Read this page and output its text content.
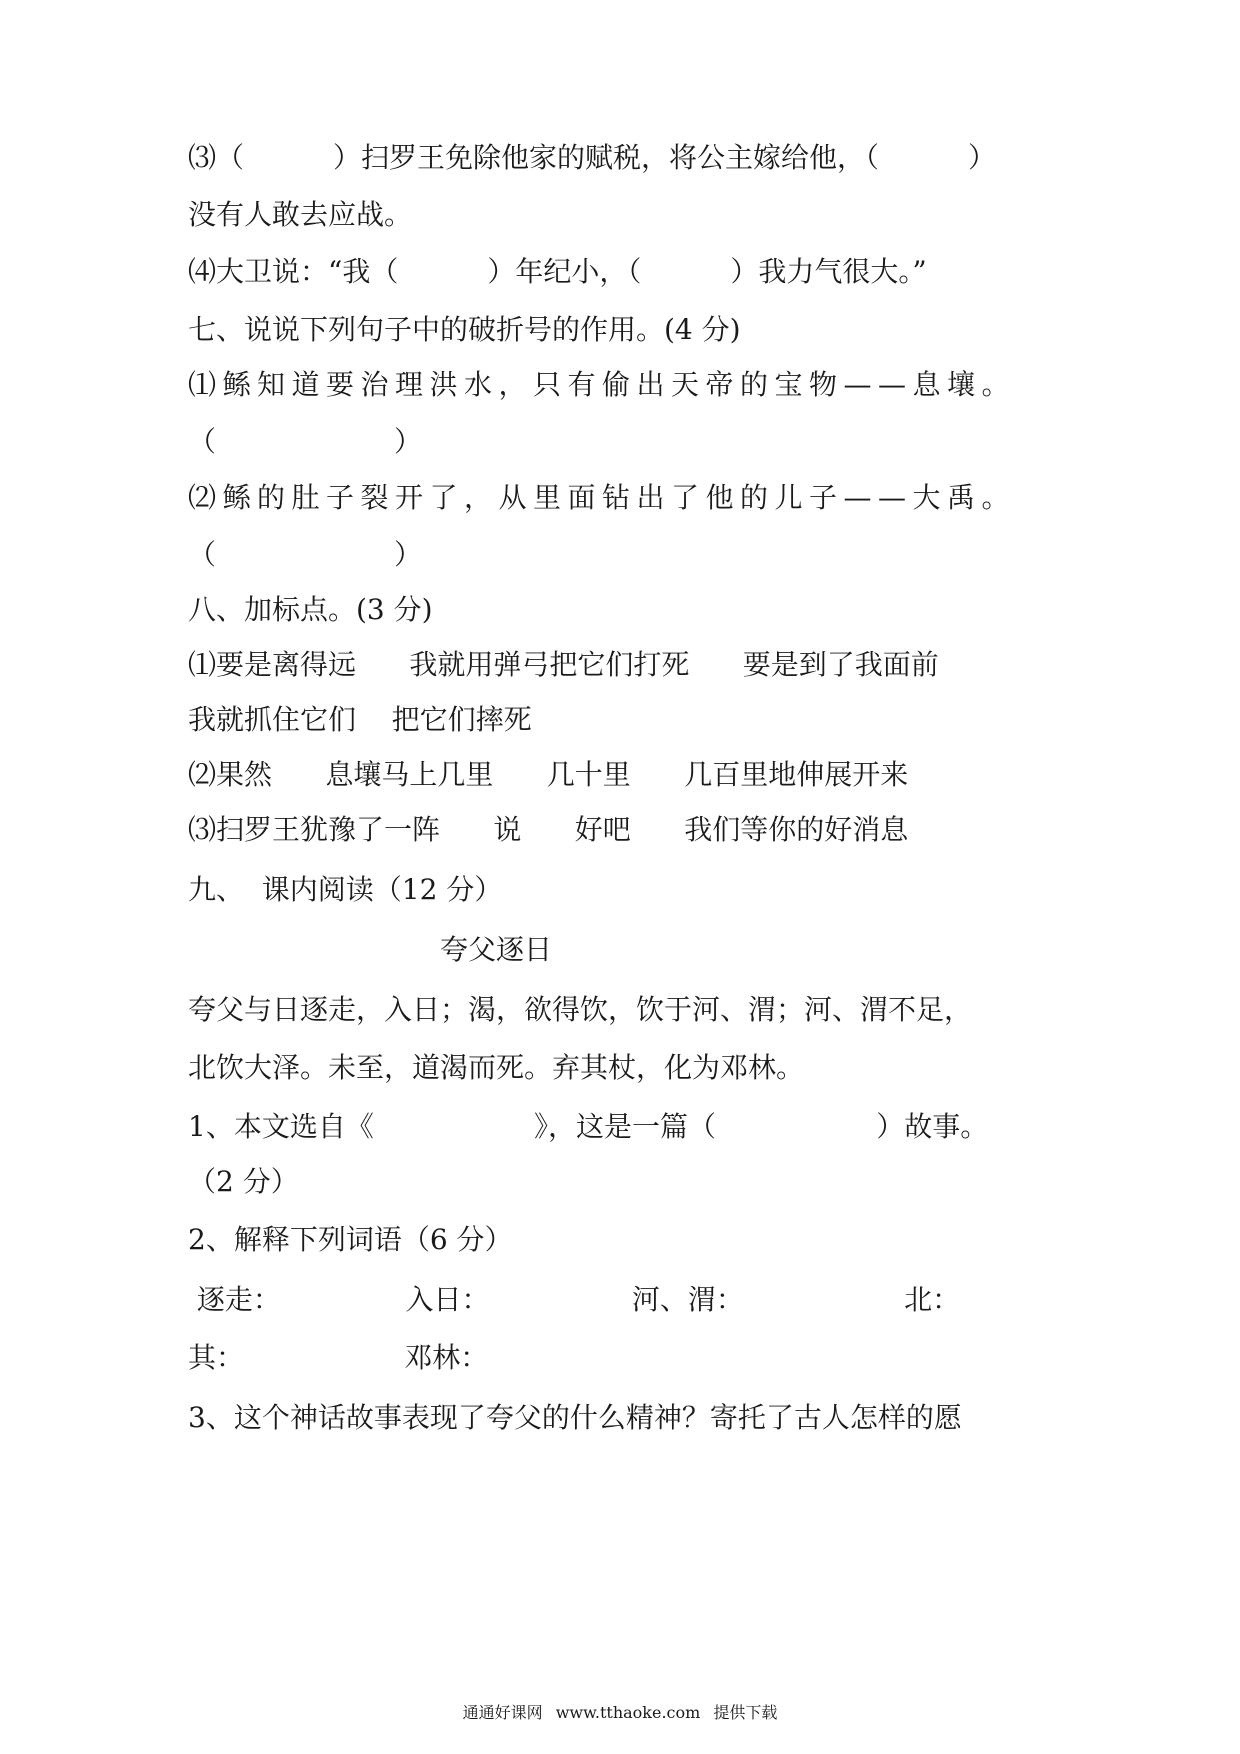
⑶（          ）扫罗王免除他家的赋税，将公主嫁给他，（          ）
没有人敢去应战。
⑷大卫说：“我（          ）年纪小，（          ）我力气很大。”
七、说说下列句子中的破折号的作用。(4 分)
⑴鲧知道要治理洪水，只有偷出天帝的宝物——息壤。
（                    ）
⑵鲧的肚子裂开了，从里面钻出了他的儿子——大禹。
（                    ）
八、加标点。(3 分)
⑴要是离得远      我就用弹弓把它们打死      要是到了我面前
我就抓住它们    把它们摔死
⑵果然      息壤马上几里      几十里      几百里地伸展开来
⑶扫罗王犹豫了一阵      说      好吧      我们等你的好消息
九、  课内阅读（12 分）
夸父逐日
夸父与日逐走，入日；渴，欲得饮，饮于河、渭；河、渭不足，
北饮大泽。未至，道渴而死。弃其杖，化为邓林。
1、本文选自《                  》，这是一篇（                  ）故事。
（2 分）
2、解释下列词语（6 分）
逐走：              入日：                河、渭：                  北：
其：                  邓林：
3、这个神话故事表现了夸父的什么精神？寄托了古人怎样的愿
通通好课网 www.tthaoke.com 提供下载
